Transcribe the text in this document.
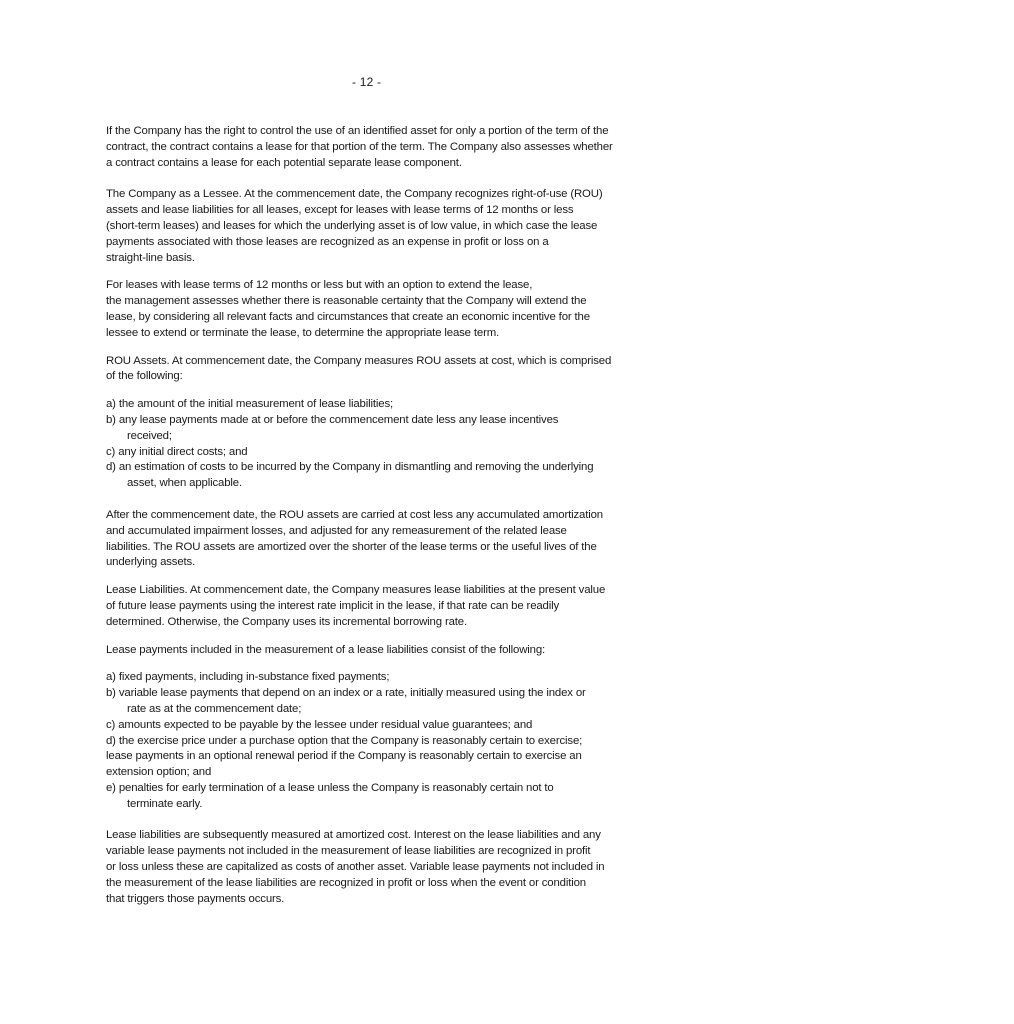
- 12 -
If the Company has the right to control the use of an identified asset for only a portion of the term of the
contract, the contract contains a lease for that portion of the term. The Company also assesses whether
a contract contains a lease for each potential separate lease component.
The Company as a Lessee. At the commencement date, the Company recognizes right-of-use (ROU)
assets and lease liabilities for all leases, except for leases with lease terms of 12 months or less
(short-term leases) and leases for which the underlying asset is of low value, in which case the lease
payments associated with those leases are recognized as an expense in profit or loss on a
straight-line basis.
For leases with lease terms of 12 months or less but with an option to extend the lease,
the management assesses whether there is reasonable certainty that the Company will extend the
lease, by considering all relevant facts and circumstances that create an economic incentive for the
lessee to extend or terminate the lease, to determine the appropriate lease term.
ROU Assets. At commencement date, the Company measures ROU assets at cost, which is comprised
of the following:
a) the amount of the initial measurement of lease liabilities;
b) any lease payments made at or before the commencement date less any lease incentives
received;
c) any initial direct costs; and
d) an estimation of costs to be incurred by the Company in dismantling and removing the underlying
asset, when applicable.
After the commencement date, the ROU assets are carried at cost less any accumulated amortization
and accumulated impairment losses, and adjusted for any remeasurement of the related lease
liabilities. The ROU assets are amortized over the shorter of the lease terms or the useful lives of the
underlying assets.
Lease Liabilities. At commencement date, the Company measures lease liabilities at the present value
of future lease payments using the interest rate implicit in the lease, if that rate can be readily
determined. Otherwise, the Company uses its incremental borrowing rate.
Lease payments included in the measurement of a lease liabilities consist of the following:
a) fixed payments, including in-substance fixed payments;
b) variable lease payments that depend on an index or a rate, initially measured using the index or
rate as at the commencement date;
c) amounts expected to be payable by the lessee under residual value guarantees; and
d) the exercise price under a purchase option that the Company is reasonably certain to exercise;
lease payments in an optional renewal period if the Company is reasonably certain to exercise an
extension option; and
e) penalties for early termination of a lease unless the Company is reasonably certain not to
terminate early.
Lease liabilities are subsequently measured at amortized cost. Interest on the lease liabilities and any
variable lease payments not included in the measurement of lease liabilities are recognized in profit
or loss unless these are capitalized as costs of another asset. Variable lease payments not included in
the measurement of the lease liabilities are recognized in profit or loss when the event or condition
that triggers those payments occurs.
